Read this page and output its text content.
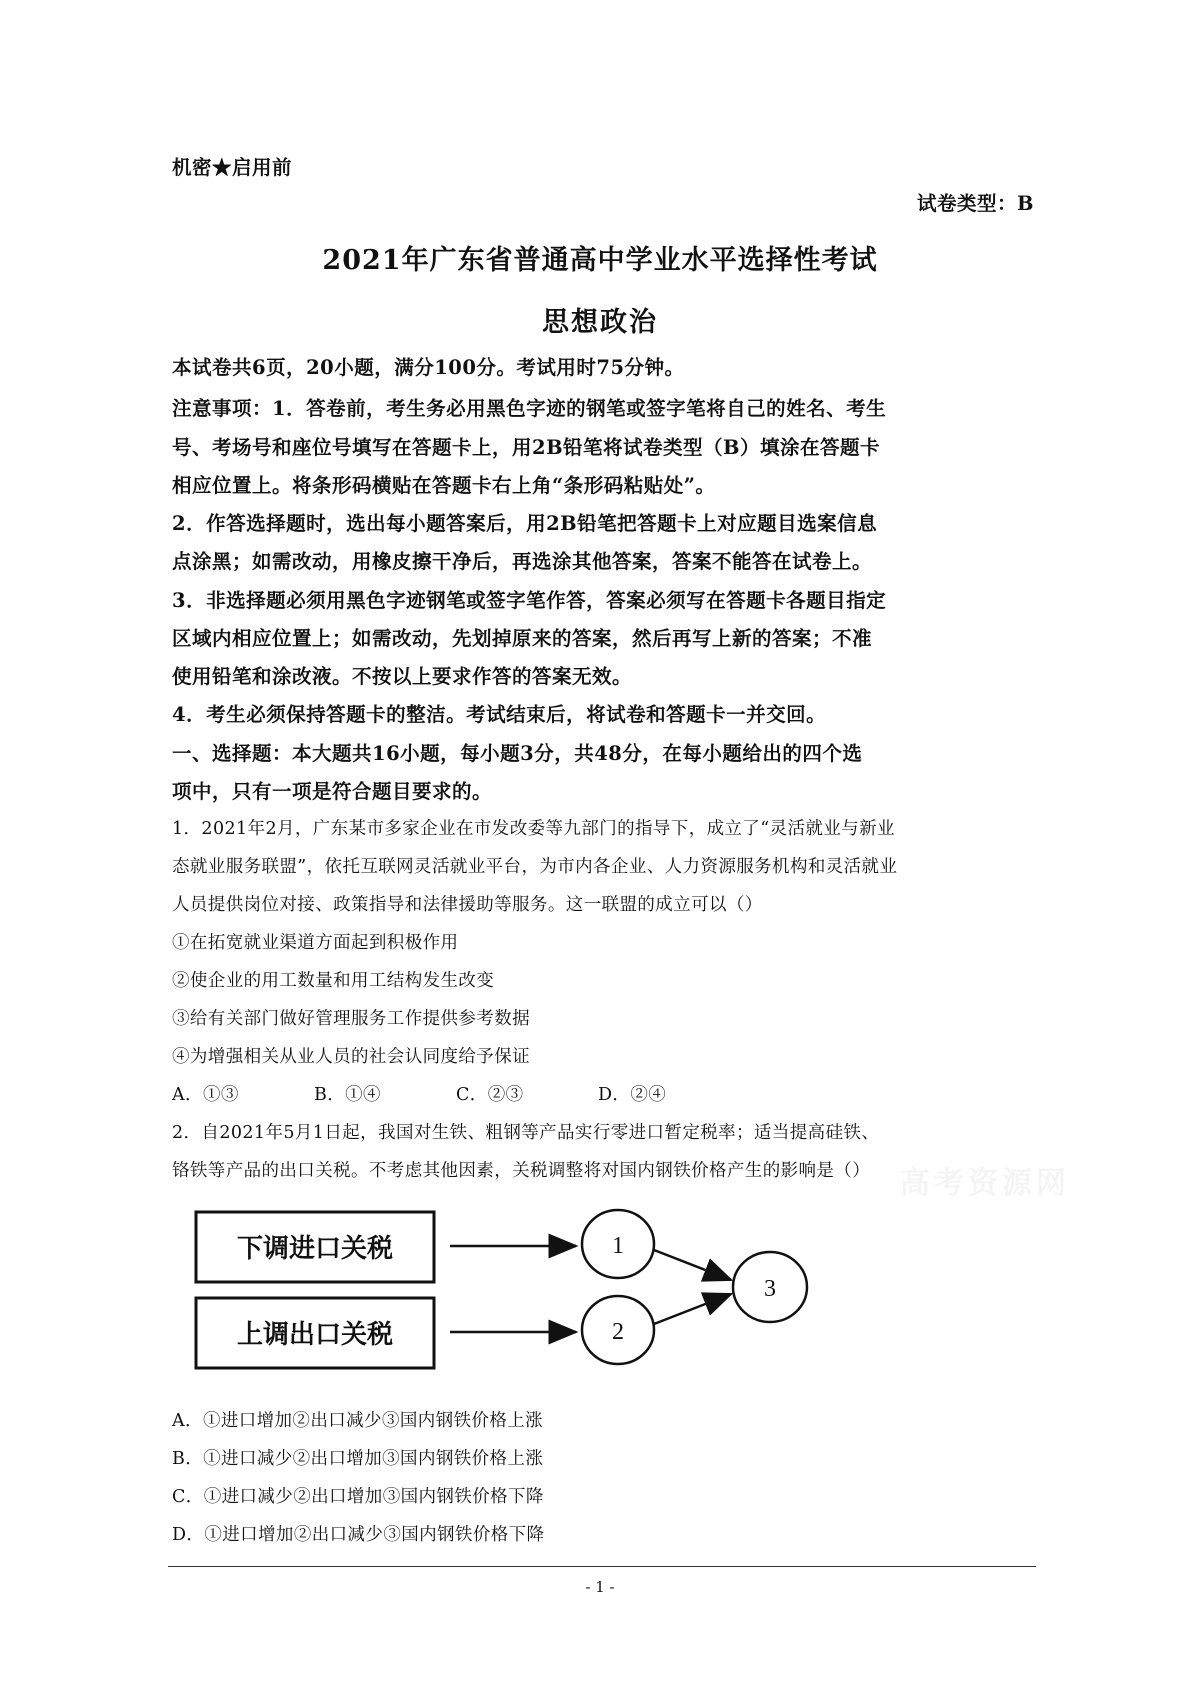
机密★启用前
试卷类型：B
2021年广东省普通高中学业水平选择性考试
思想政治
本试卷共6页，20小题，满分100分。考试用时75分钟。
注意事项：1．答卷前，考生务必用黑色字迹的钢笔或签字笔将自己的姓名、考生
号、考场号和座位号填写在答题卡上，用2B铅笔将试卷类型（B）填涂在答题卡
相应位置上。将条形码横贴在答题卡右上角“条形码粘贴处”。
2．作答选择题时，选出每小题答案后，用2B铅笔把答题卡上对应题目选案信息
点涂黑；如需改动，用橡皮擦干净后，再选涂其他答案，答案不能答在试卷上。
3．非选择题必须用黑色字迹钢笔或签字笔作答，答案必须写在答题卡各题目指定
区域内相应位置上；如需改动，先划掉原来的答案，然后再写上新的答案；不准
使用铅笔和涂改液。不按以上要求作答的答案无效。
4．考生必须保持答题卡的整洁。考试结束后，将试卷和答题卡一并交回。
一、选择题：本大题共16小题，每小题3分，共48分，在每小题给出的四个选
项中，只有一项是符合题目要求的。
1．2021年2月，广东某市多家企业在市发改委等九部门的指导下，成立了“灵活就业与新业
态就业服务联盟”，依托互联网灵活就业平台，为市内各企业、人力资源服务机构和灵活就业
人员提供岗位对接、政策指导和法律援助等服务。这一联盟的成立可以（）
①在拓宽就业渠道方面起到积极作用
②使企业的用工数量和用工结构发生改变
③给有关部门做好管理服务工作提供参考数据
④为增强相关从业人员的社会认同度给予保证
A．①③	B．①④	C．②③	D．②④
2．自2021年5月1日起，我国对生铁、粗钢等产品实行零进口暂定税率；适当提高硅铁、
铬铁等产品的出口关税。不考虑其他因素，关税调整将对国内钢铁价格产生的影响是（） 高考资源网
下调进口关税
上调出口关税
1
2
3
A．①进口增加②出口减少③国内钢铁价格上涨
B．①进口减少②出口增加③国内钢铁价格上涨
C．①进口减少②出口增加③国内钢铁价格下降
D．①进口增加②出口减少③国内钢铁价格下降
- 1 -
